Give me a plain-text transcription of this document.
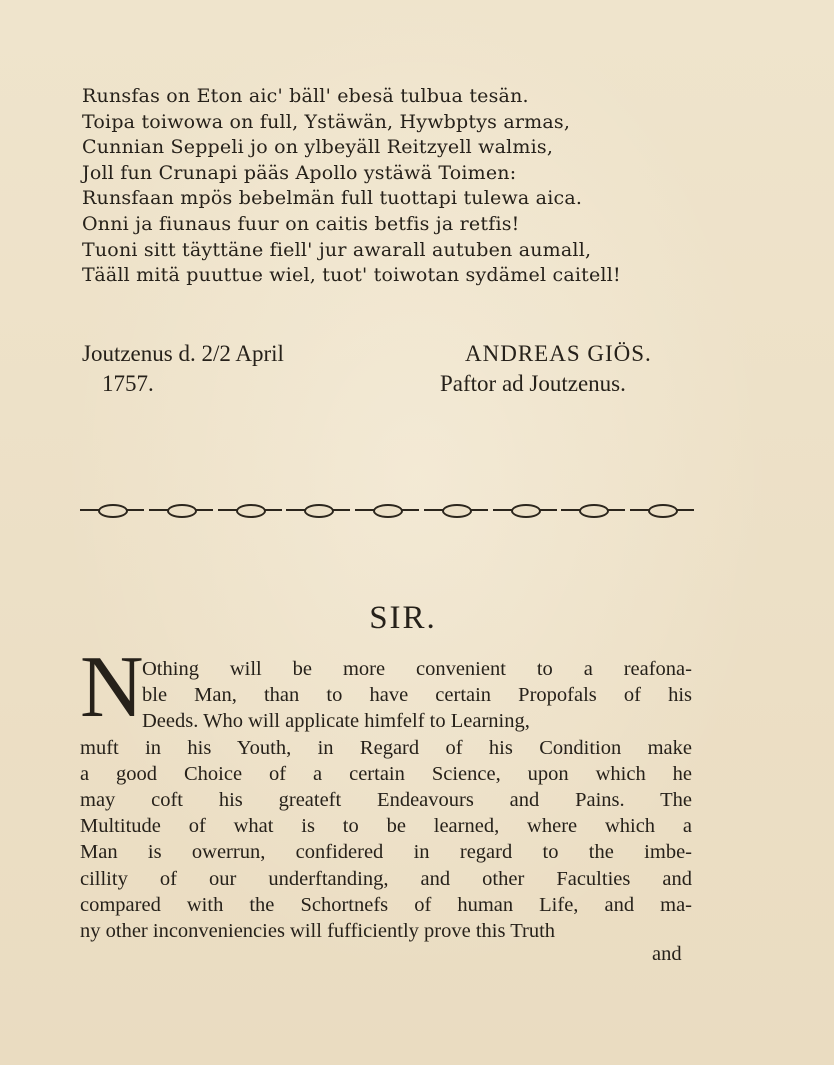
Runsfas on Eton aic' bäll' ebesä tulbua tesän.
Toipa toiwowa on full, Ystäwän, Hywbptys armas,
Cunnian Seppeli jo on ylbeyäll Reitzyell walmis,
Joll fun Crunapi pääs Apollo ystäwä Toimen:
Runsfaan mpös bebelmän full tuottapi tulewa aica.
Onni ja fiunaus fuur on caitis betfis ja retfis!
Tuoni sitt täyttäne fiell' jur awarall autuben aumall,
Tääll mitä puuttue wiel, tuot' toiwotan sydämel caitell!
Joutzenus d. 2/2 April
1757.
ANDREAS GIÖS.
Paftor ad Joutzenus.
SIR.
N
Othing will be more convenient to a reafona-
ble Man, than to have certain Propofals of his
Deeds. Who will applicate himfelf to Learning,
muft in his Youth, in Regard of his Condition make
a good Choice of a certain Science, upon which he
may coft his greateft Endeavours and Pains. The
Multitude of what is to be learned, where which a
Man is owerrun, confidered in regard to the imbe-
cillity of our underftanding, and other Faculties and
compared with the Schortnefs of human Life, and ma-
ny other inconveniencies will fufficiently prove this Truth
and
